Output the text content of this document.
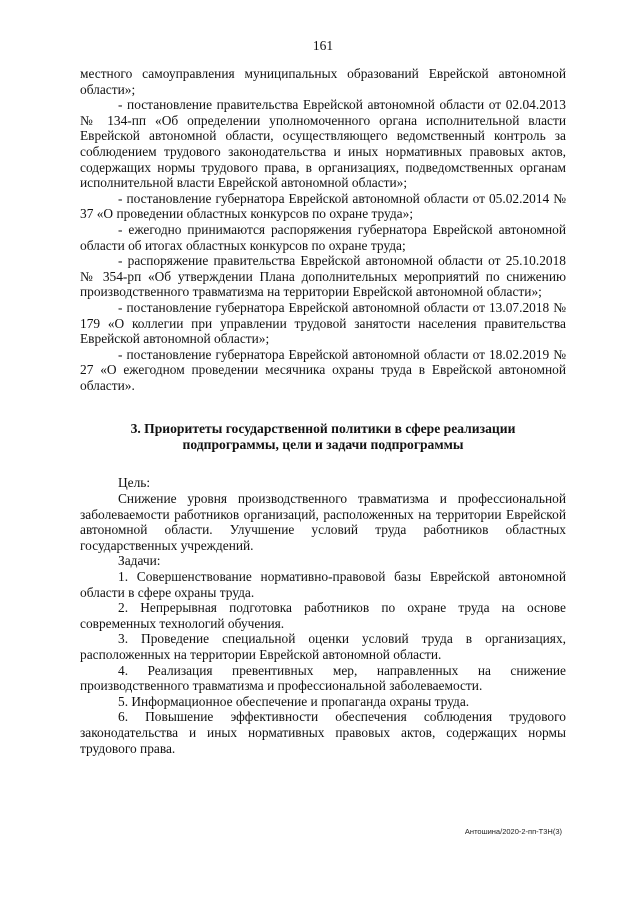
161

местного самоуправления муниципальных образований Еврейской автономной области»;

- постановление правительства Еврейской автономной области от 02.04.2013 № 134-пп «Об определении уполномоченного органа исполнительной власти Еврейской автономной области, осуществляющего ведомственный контроль за соблюдением трудового законодательства и иных нормативных правовых актов, содержащих нормы трудового права, в организациях, подведомственных органам исполнительной власти Еврейской автономной области»;

- постановление губернатора Еврейской автономной области от 05.02.2014 № 37 «О проведении областных конкурсов по охране труда»;

- ежегодно принимаются распоряжения губернатора Еврейской автономной области об итогах областных конкурсов по охране труда;

- распоряжение правительства Еврейской автономной области от 25.10.2018 № 354-рп «Об утверждении Плана дополнительных мероприятий по снижению производственного травматизма на территории Еврейской автономной области»;

- постановление губернатора Еврейской автономной области от 13.07.2018 № 179 «О коллегии при управлении трудовой занятости населения правительства Еврейской автономной области»;

- постановление губернатора Еврейской автономной области от 18.02.2019 № 27 «О ежегодном проведении месячника охраны труда в Еврейской автономной области».

3. Приоритеты государственной политики в сфере реализации
подпрограммы, цели и задачи подпрограммы

Цель:

Снижение уровня производственного травматизма и профессиональной заболеваемости работников организаций, расположенных на территории Еврейской автономной области. Улучшение условий труда работников областных государственных учреждений.

Задачи:

1. Совершенствование нормативно-правовой базы Еврейской автономной области в сфере охраны труда.

2. Непрерывная подготовка работников по охране труда на основе современных технологий обучения.

3. Проведение специальной оценки условий труда в организациях, расположенных на территории Еврейской автономной области.

4. Реализация превентивных мер, направленных на снижение производственного травматизма и профессиональной заболеваемости.

5. Информационное обеспечение и пропаганда охраны труда.

6. Повышение эффективности обеспечения соблюдения трудового законодательства и иных нормативных правовых актов, содержащих нормы трудового права.

Антошина/2020-2-пп-Т3Н(3)
